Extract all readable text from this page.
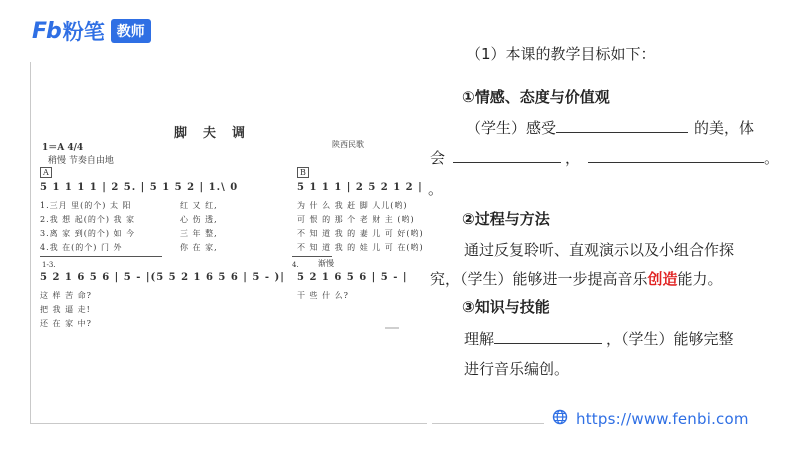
Fb 粉笔 教师
脚夫调
陕西民歌
1＝A 4/4
稍慢 节奏自由地
A	B
5 1 1 1 1 | 2 5. | 5 1 5 2 | 1.\ 0	5 1 1 1 | 2 5 2 1 2 |
1.三月 里(的个) 太 阳	红 又 红,	为 什 么 我 赶 脚 人儿(哟)
2.我 想 起(的个) 我 家	心 伤 透,	可 恨 的 那 个 老 财 主 (哟)
3.离 家 到(的个) 如 今	三 年 整,	不 知 道 我 的 妻 儿 可 好(哟)
4.我 在(的个) 门 外	你 在 家,	不 知 道 我 的 娃 儿 可 在(哟)
1-3.	4. 渐慢
5 2 1 6 5 6 | 5 - |(5 5 2 1 6 5 6 | 5 - )| 5 2 1 6 5 6 | 5 - |
这 样 苦 命?
把 我 逼 走!
还 在 家 中?
干 些 什 么?
（1）本课的教学目标如下：
①情感、态度与价值观
（学生）感受	的美，体
会	，	。
。
②过程与方法
通过反复聆听、直观演示以及小组合作探
究，（学生）能够进一步提高音乐创造能力。
③知识与技能
理解	，（学生）能够完整
进行音乐编创。
https://www.fenbi.com
